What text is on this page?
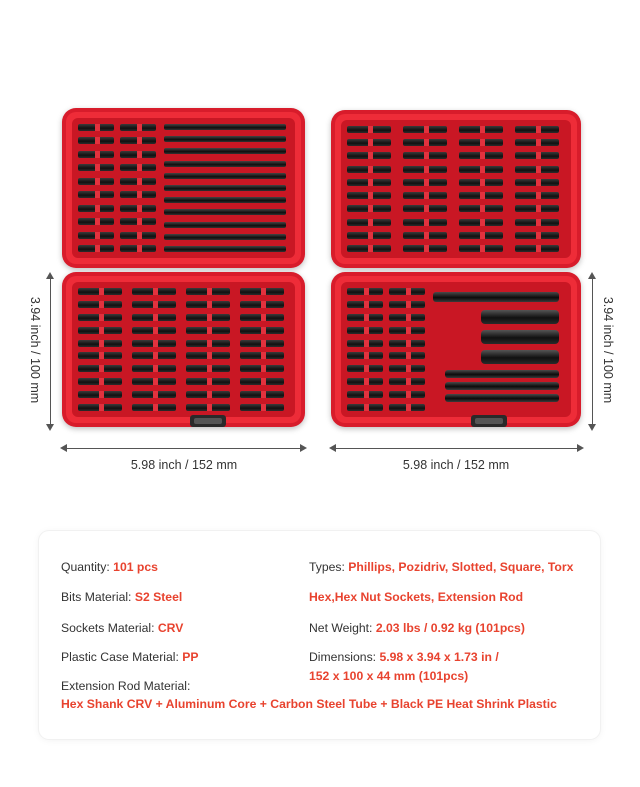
3.94 inch / 100 mm	3.94 inch / 100 mm
5.98 inch / 152 mm	5.98 inch / 152 mm
Quantity: 101 pcs
Bits Material: S2 Steel
Sockets Material: CRV
Plastic Case Material: PP
Extension Rod Material:
Hex Shank CRV + Aluminum Core + Carbon Steel Tube + Black PE Heat Shrink Plastic
Types: Phillips, Pozidriv, Slotted, Square, Torx
Hex,Hex Nut Sockets, Extension Rod
Net Weight: 2.03 lbs / 0.92 kg (101pcs)
Dimensions: 5.98 x 3.94 x 1.73 in /
152 x 100 x 44 mm (101pcs)
